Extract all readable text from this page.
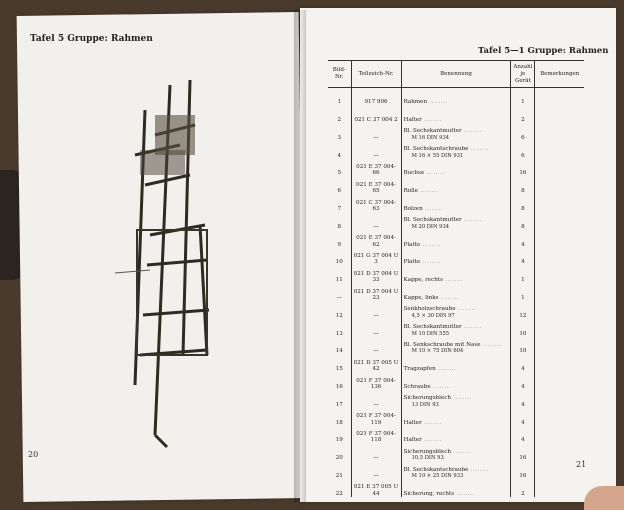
Tafel 5 Gruppe: Rahmen
20
Tafel 5—1 Gruppe: Rahmen
Bild-Nr.	Teilzeich-Nr.	Benennung	Anzahl je Gerät	Bemerkungen
1	917 906	Rahmen ........	1	
2	021 C 37 004 2	Halter ........	2	
3	—	Bl. Sechskantmutter ........
M 16 DIN 934	6	
4	—	Bl. Sechskantschraube ........
M 16 × 55 DIN 931	6	
5	021 E 37 004-66	Buchse ........	16	
6	021 E 37 004-65	Rolle ........	8	
7	021 C 37 004-63	Bolzen ........	8	
8	—	Bl. Sechskantmutter ........
M 20 DIN 934	8	
9	021 E 37 004-62	Platte ........	4	
10	021 G 37 004 U 3	Platte ........	4	
11	021 D 37 004 U 33	Kappe, rechts ........	1	
—	021 D 37 004 U 23	Kappe, links ........	1	
12	—	Senkholzschraube ........
4,5 × 30 DIN 97	12	
13	—	Bl. Sechskantmutter ........
M 10 DIN 555	10	
14	—	Bl. Senkschraube mit Nase ........
M 10 × 75 DIN 604	10	
15	021 D 37 005 U 42	Tragzapfen ........	4	
16	021 F 37 004-136	Schraube ........	4	
17	—	Sicherungsblech ........
13 DIN 93	4	
18	021 F 37 004-119	Halter ........	4	
19	021 F 37 004-118	Halter ........	4	
20	—	Sicherungsblech ........
10,5 DIN 93	16	
21	—	Bl. Sechskantschraube ........
M 10 × 25 DIN 933	16	
22	021 E 37 005 U 44	Sicherung, rechts ........	2	
21
